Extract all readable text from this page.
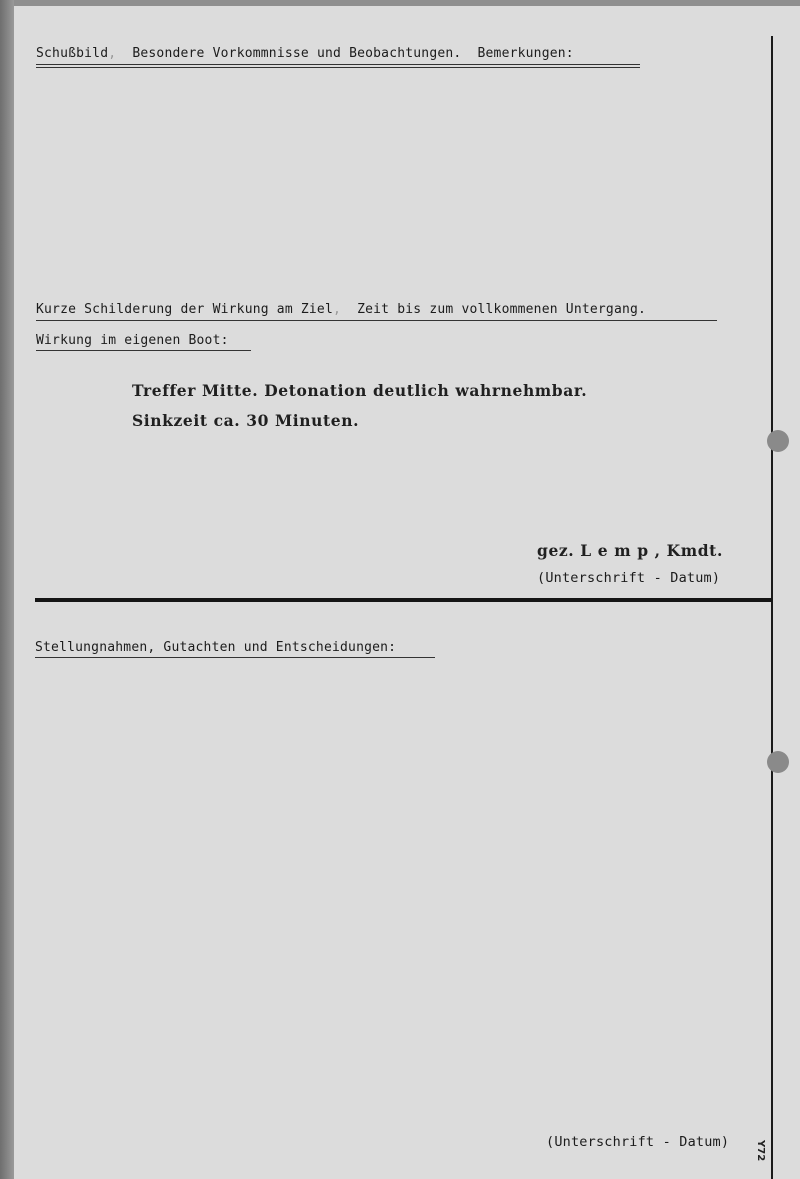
Schußbild, Besondere Vorkommnisse und Beobachtungen. Bemerkungen:
Kurze Schilderung der Wirkung am Ziel, Zeit bis zum vollkommenen Untergang.
Wirkung im eigenen Boot:
Treffer Mitte. Detonation deutlich wahrnehmbar.
Sinkzeit ca. 30 Minuten.
gez. L e m p , Kmdt.
(Unterschrift - Datum)
Stellungnahmen, Gutachten und Entscheidungen:
(Unterschrift - Datum)	Y72
